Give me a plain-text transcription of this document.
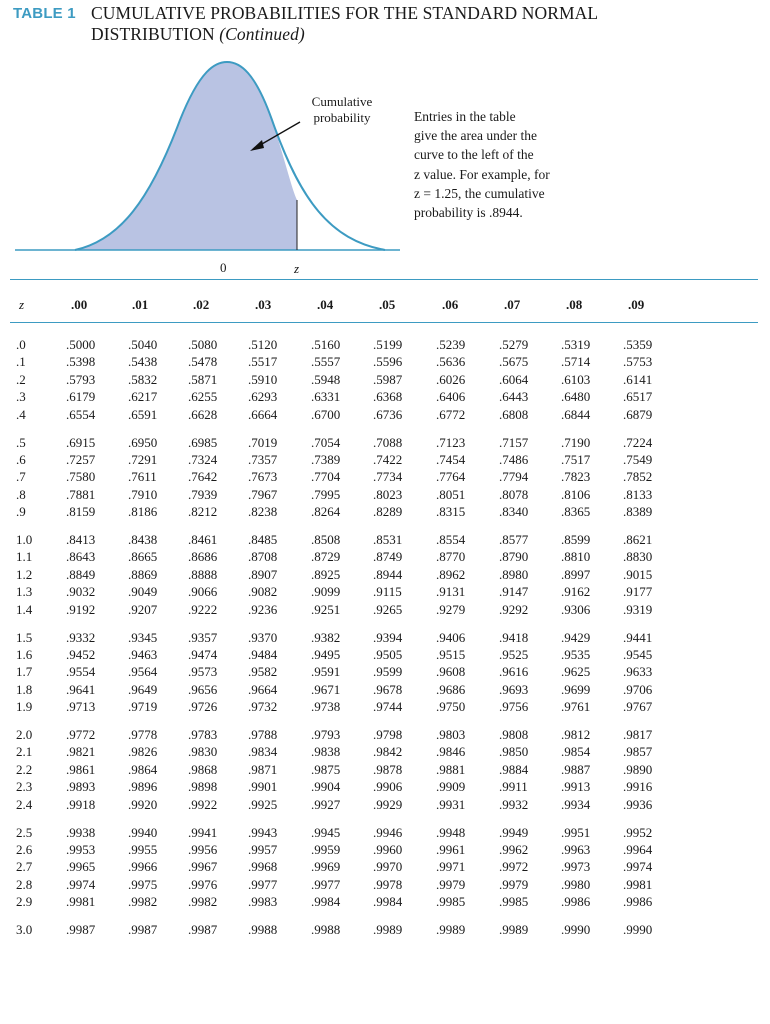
TABLE 1 CUMULATIVE PROBABILITIES FOR THE STANDARD NORMAL
DISTRIBUTION (Continued)
Cumulative
probability	Entries in the table
give the area under the
curve to the left of the
z value. For example, for
z = 1.25, the cumulative
probability is .8944.
0	z
z	.00	.01	.02	.03	.04	.05	.06	.07	.08	.09
.0	.5000	.5040 .5080 .5120	.5160	.5199	.5239	.5279	.5319	.5359
.1	.5398	.5438 .5478 .5517	.5557	.5596	.5636	.5675	.5714	.5753
.2	.5793	.5832 .5871 .5910	.5948	.5987	.6026	.6064	.6103	.6141
.3	.6179	.6217 .6255 .6293	.6331	.6368	.6406	.6443	.6480	.6517
.4	.6554	.6591 .6628 .6664	.6700	.6736	.6772	.6808	.6844	.6879
.5	.6915	.6950 .6985 .7019	.7054	.7088	.7123	.7157	.7190	.7224
.6	.7257	.7291 .7324 .7357	.7389	.7422	.7454	.7486	.7517	.7549
.7	.7580	.7611 .7642 .7673	.7704	.7734	.7764	.7794	.7823	.7852
.8	.7881	.7910 .7939 .7967	.7995	.8023	.8051	.8078	.8106	.8133
.9	.8159	.8186 .8212 .8238	.8264	.8289	.8315	.8340	.8365	.8389
1.0	.8413	.8438 .8461 .8485	.8508	.8531	.8554	.8577	.8599	.8621
1.1	.8643	.8665 .8686 .8708	.8729	.8749	.8770	.8790	.8810	.8830
1.2	.8849	.8869 .8888 .8907	.8925	.8944	.8962	.8980	.8997	.9015
1.3	.9032	.9049 .9066 .9082	.9099	.9115	.9131	.9147	.9162	.9177
1.4	.9192	.9207 .9222 .9236	.9251	.9265	.9279	.9292	.9306	.9319
1.5	.9332	.9345 .9357 .9370	.9382	.9394	.9406	.9418	.9429	.9441
1.6	.9452	.9463 .9474 .9484	.9495	.9505	.9515	.9525	.9535	.9545
1.7	.9554	.9564 .9573 .9582	.9591	.9599	.9608	.9616	.9625	.9633
1.8	.9641	.9649 .9656 .9664	.9671	.9678	.9686	.9693	.9699	.9706
1.9	.9713	.9719 .9726 .9732	.9738	.9744	.9750	.9756	.9761	.9767
2.0	.9772	.9778 .9783 .9788	.9793	.9798	.9803	.9808	.9812	.9817
2.1	.9821	.9826 .9830 .9834	.9838	.9842	.9846	.9850	.9854	.9857
2.2	.9861	.9864 .9868 .9871	.9875	.9878	.9881	.9884	.9887	.9890
2.3	.9893	.9896 .9898 .9901	.9904	.9906	.9909	.9911	.9913	.9916
2.4	.9918	.9920 .9922 .9925	.9927	.9929	.9931	.9932	.9934	.9936
2.5	.9938	.9940 .9941 .9943	.9945	.9946	.9948	.9949	.9951	.9952
2.6	.9953	.9955 .9956 .9957	.9959	.9960	.9961	.9962	.9963	.9964
2.7	.9965	.9966 .9967 .9968	.9969	.9970	.9971	.9972	.9973	.9974
2.8	.9974	.9975 .9976 .9977	.9977	.9978	.9979	.9979	.9980	.9981
2.9	.9981	.9982 .9982 .9983	.9984	.9984	.9985	.9985	.9986	.9986
3.0	.9987	.9987 .9987 .9988	.9988	.9989	.9989	.9989	.9990	.9990
